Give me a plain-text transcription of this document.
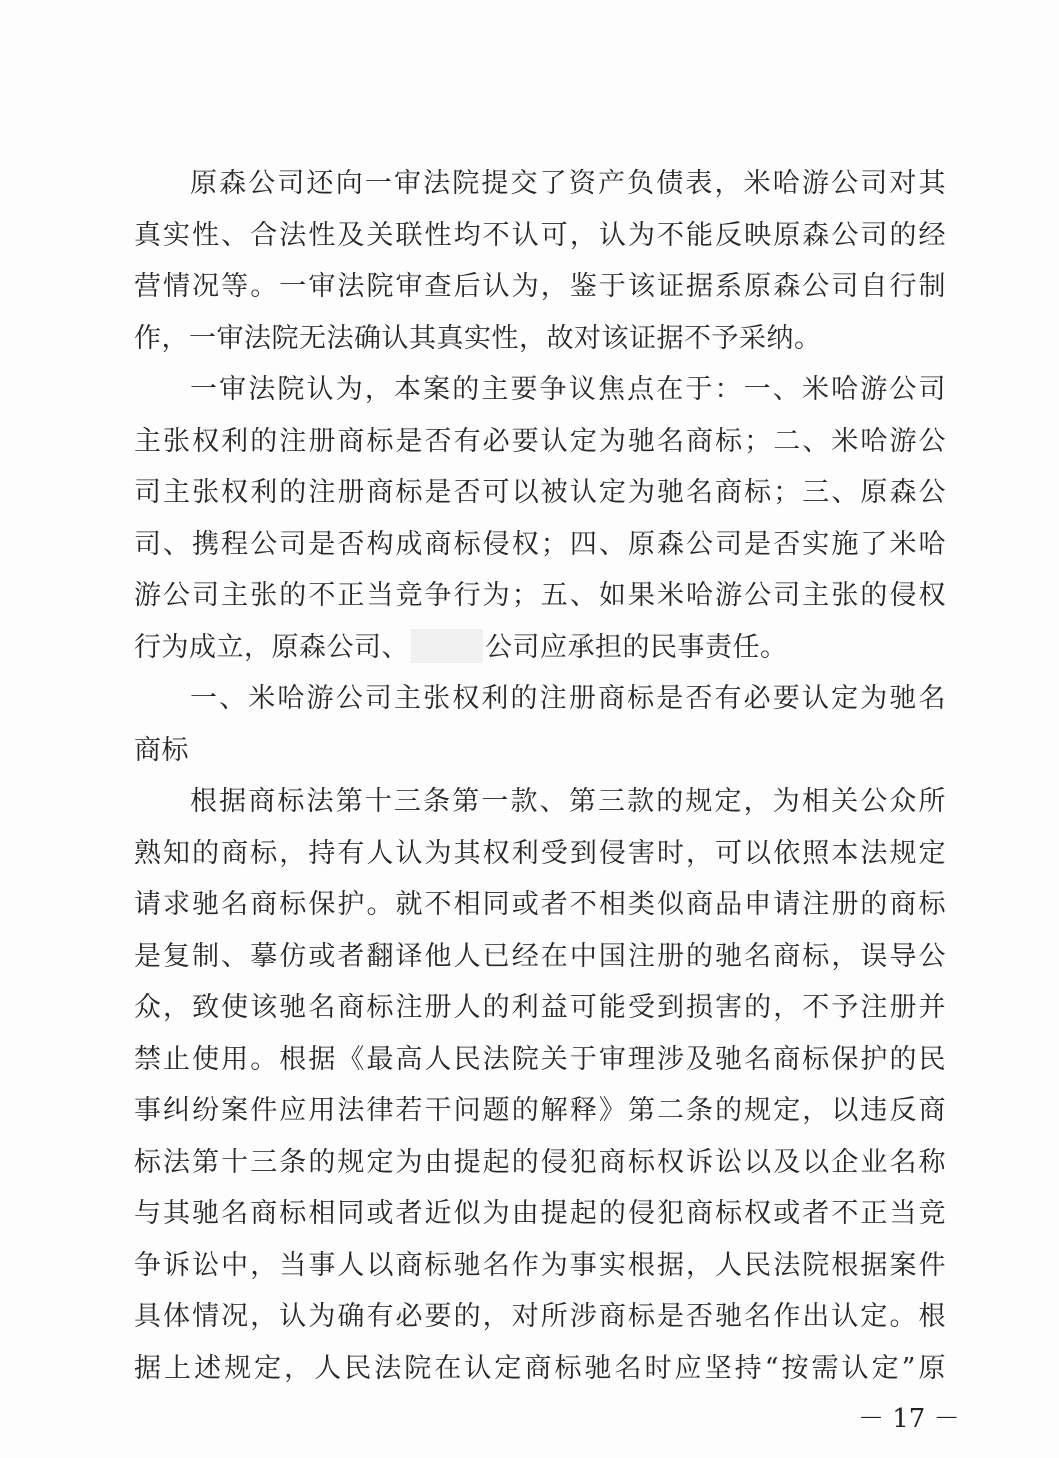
原森公司还向一审法院提交了资产负债表，米哈游公司对其
真实性、合法性及关联性均不认可，认为不能反映原森公司的经
营情况等。一审法院审查后认为，鉴于该证据系原森公司自行制
作，一审法院无法确认其真实性，故对该证据不予采纳。
一审法院认为，本案的主要争议焦点在于：一、米哈游公司
主张权利的注册商标是否有必要认定为驰名商标；二、米哈游公
司主张权利的注册商标是否可以被认定为驰名商标；三、原森公
司、携程公司是否构成商标侵权；四、原森公司是否实施了米哈
游公司主张的不正当竞争行为；五、如果米哈游公司主张的侵权
行为成立，原森公司、	公司应承担的民事责任。
一、米哈游公司主张权利的注册商标是否有必要认定为驰名
商标
根据商标法第十三条第一款、第三款的规定，为相关公众所
熟知的商标，持有人认为其权利受到侵害时，可以依照本法规定
请求驰名商标保护。就不相同或者不相类似商品申请注册的商标
是复制、摹仿或者翻译他人已经在中国注册的驰名商标，误导公
众，致使该驰名商标注册人的利益可能受到损害的，不予注册并
禁止使用。根据《最高人民法院关于审理涉及驰名商标保护的民
事纠纷案件应用法律若干问题的解释》第二条的规定，以违反商
标法第十三条的规定为由提起的侵犯商标权诉讼以及以企业名称
与其驰名商标相同或者近似为由提起的侵犯商标权或者不正当竞
争诉讼中，当事人以商标驰名作为事实根据，人民法院根据案件
具体情况，认为确有必要的，对所涉商标是否驰名作出认定。根
据上述规定，人民法院在认定商标驰名时应坚持“按需认定”原
－ 17 －
